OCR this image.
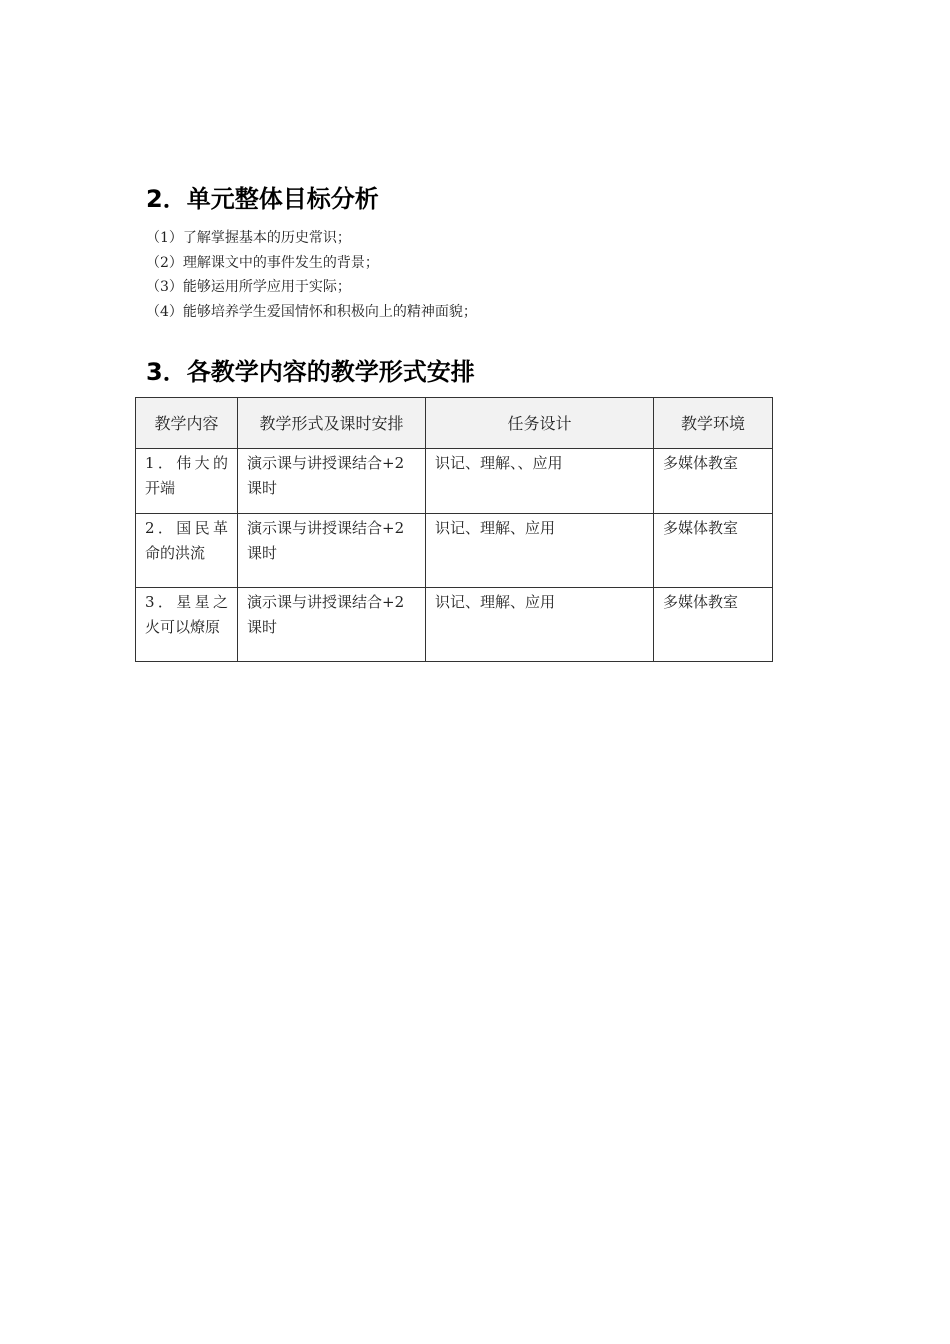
2．单元整体目标分析
（1）了解掌握基本的历史常识；
（2）理解课文中的事件发生的背景；
（3）能够运用所学应用于实际；
（4）能够培养学生爱国情怀和积极向上的精神面貌；
3．各教学内容的教学形式安排
教学内容	教学形式及课时安排	任务设计	教学环境
1．伟大的开端	演示课与讲授课结合+2课时	识记、理解、、应用	多媒体教室
2．国民革命的洪流	演示课与讲授课结合+2课时	识记、理解、应用	多媒体教室
3．星星之火可以燎原	演示课与讲授课结合+2课时	识记、理解、应用	多媒体教室
